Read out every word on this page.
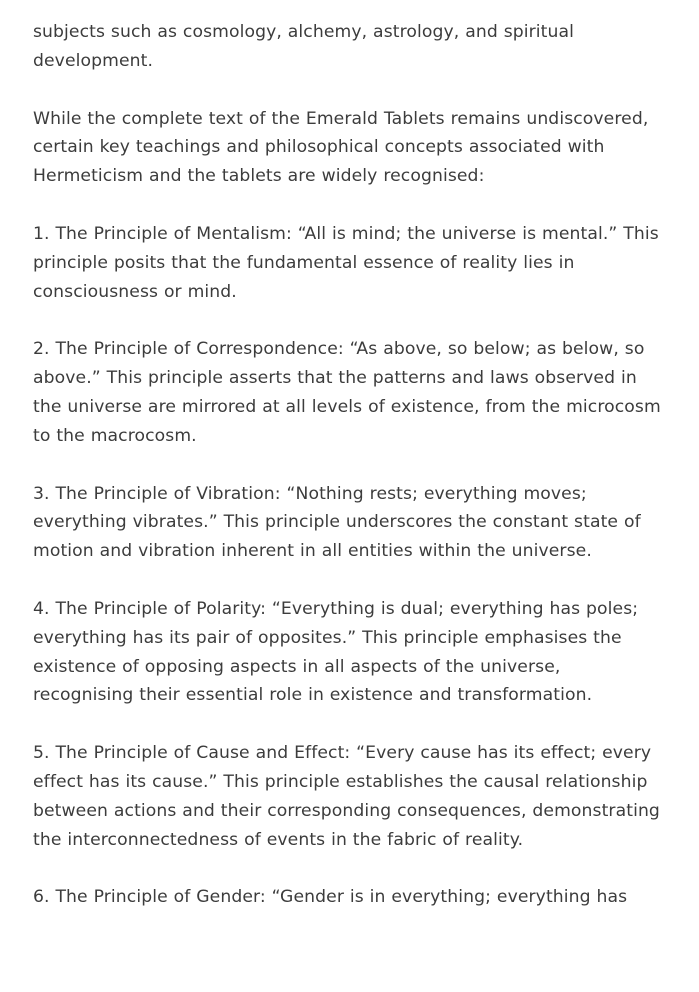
subjects such as cosmology, alchemy, astrology, and spiritual development.

While the complete text of the Emerald Tablets remains undiscovered, certain key teachings and philosophical concepts associated with Hermeticism and the tablets are widely recognised:

1. The Principle of Mentalism: “All is mind; the universe is mental.” This principle posits that the fundamental essence of reality lies in consciousness or mind.

2. The Principle of Correspondence: “As above, so below; as below, so above.” This principle asserts that the patterns and laws observed in the universe are mirrored at all levels of existence, from the microcosm to the macrocosm.

3. The Principle of Vibration: “Nothing rests; everything moves; everything vibrates.” This principle underscores the constant state of motion and vibration inherent in all entities within the universe.

4. The Principle of Polarity: “Everything is dual; everything has poles; everything has its pair of opposites.” This principle emphasises the existence of opposing aspects in all aspects of the universe, recognising their essential role in existence and transformation.

5. The Principle of Cause and Effect: “Every cause has its effect; every effect has its cause.” This principle establishes the causal relationship between actions and their corresponding consequences, demonstrating the interconnectedness of events in the fabric of reality.

6. The Principle of Gender: “Gender is in everything; everything has
